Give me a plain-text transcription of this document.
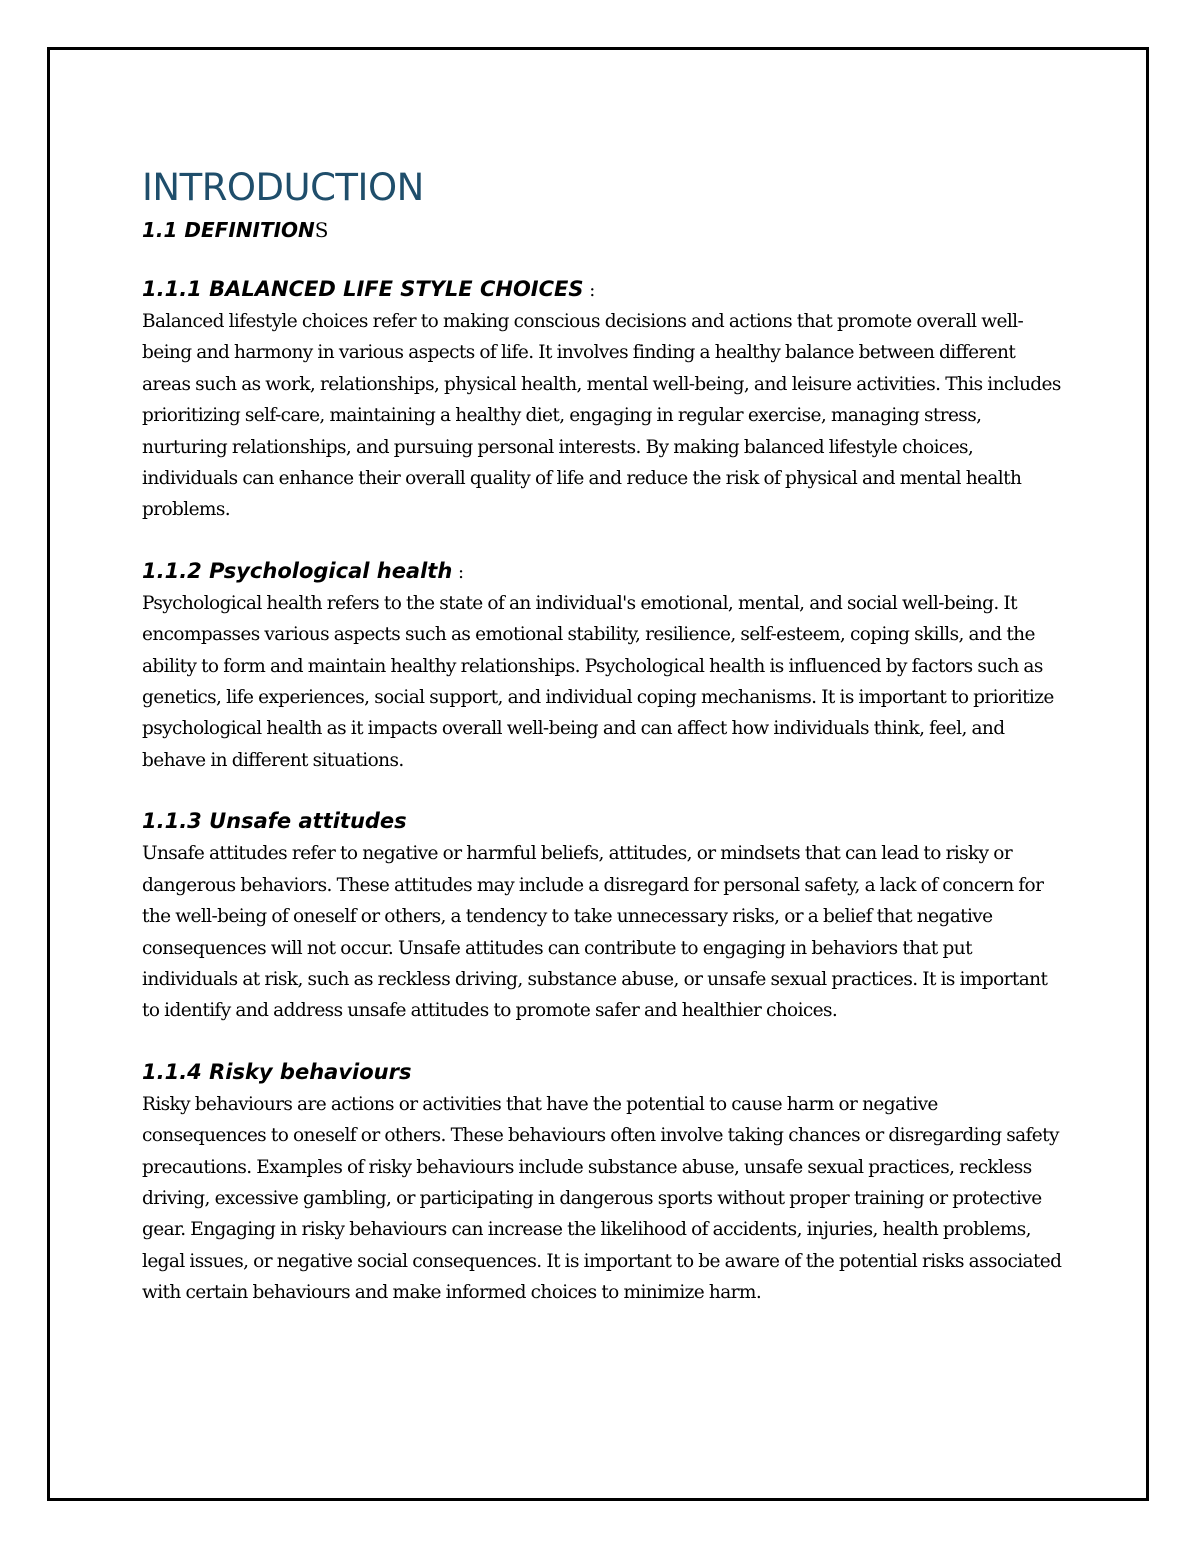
INTRODUCTION
1.1 DEFINITIONS
1.1.1 BALANCED LIFE STYLE CHOICES :

Balanced lifestyle choices refer to making conscious decisions and actions that promote overall well-being and harmony in various aspects of life. It involves finding a healthy balance between different areas such as work, relationships, physical health, mental well-being, and leisure activities. This includes prioritizing self-care, maintaining a healthy diet, engaging in regular exercise, managing stress, nurturing relationships, and pursuing personal interests. By making balanced lifestyle choices, individuals can enhance their overall quality of life and reduce the risk of physical and mental health problems.

1.1.2 Psychological health :

Psychological health refers to the state of an individual's emotional, mental, and social well-being. It encompasses various aspects such as emotional stability, resilience, self-esteem, coping skills, and the ability to form and maintain healthy relationships. Psychological health is influenced by factors such as genetics, life experiences, social support, and individual coping mechanisms. It is important to prioritize psychological health as it impacts overall well-being and can affect how individuals think, feel, and behave in different situations.

1.1.3 Unsafe attitudes

Unsafe attitudes refer to negative or harmful beliefs, attitudes, or mindsets that can lead to risky or dangerous behaviors. These attitudes may include a disregard for personal safety, a lack of concern for the well-being of oneself or others, a tendency to take unnecessary risks, or a belief that negative consequences will not occur. Unsafe attitudes can contribute to engaging in behaviors that put individuals at risk, such as reckless driving, substance abuse, or unsafe sexual practices. It is important to identify and address unsafe attitudes to promote safer and healthier choices.

1.1.4 Risky behaviours

Risky behaviours are actions or activities that have the potential to cause harm or negative consequences to oneself or others. These behaviours often involve taking chances or disregarding safety precautions. Examples of risky behaviours include substance abuse, unsafe sexual practices, reckless driving, excessive gambling, or participating in dangerous sports without proper training or protective gear. Engaging in risky behaviours can increase the likelihood of accidents, injuries, health problems, legal issues, or negative social consequences. It is important to be aware of the potential risks associated with certain behaviours and make informed choices to minimize harm.
